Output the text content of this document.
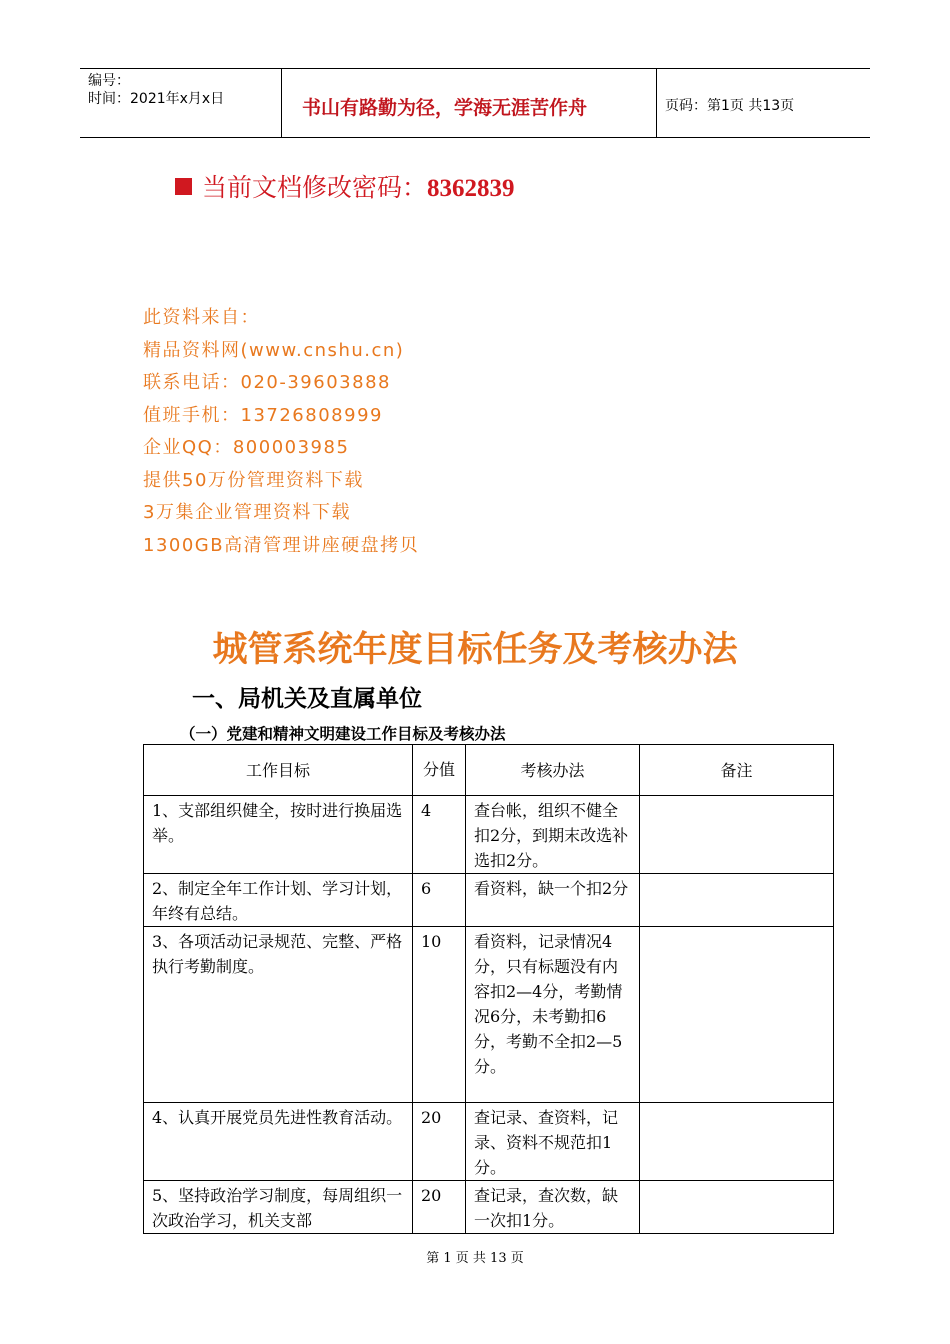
编号：
时间：2021年x月x日	书山有路勤为径，学海无涯苦作舟	页码：第1页 共13页
当前文档修改密码：8362839
此资料来自：
精品资料网(www.cnshu.cn)
联系电话：020-39603888
值班手机：13726808999
企业QQ：800003985
提供50万份管理资料下载
3万集企业管理资料下载
1300GB高清管理讲座硬盘拷贝
城管系统年度目标任务及考核办法
一、局机关及直属单位
（一）党建和精神文明建设工作目标及考核办法
工作目标	分值	考核办法	备注
1、支部组织健全，按时进行换届选举。	4	查台帐，组织不健全扣2分，到期末改选补选扣2分。	
2、制定全年工作计划、学习计划，年终有总结。	6	看资料，缺一个扣2分	
3、各项活动记录规范、完整、严格执行考勤制度。	10	看资料，记录情况4分，只有标题没有内容扣2—4分，考勤情况6分，未考勤扣6分，考勤不全扣2—5分。	
4、认真开展党员先进性教育活动。	20	查记录、查资料，记录、资料不规范扣1分。	
5、坚持政治学习制度，每周组织一次政治学习，机关支部	20	查记录，查次数，缺一次扣1分。	
第 1 页 共 13 页
